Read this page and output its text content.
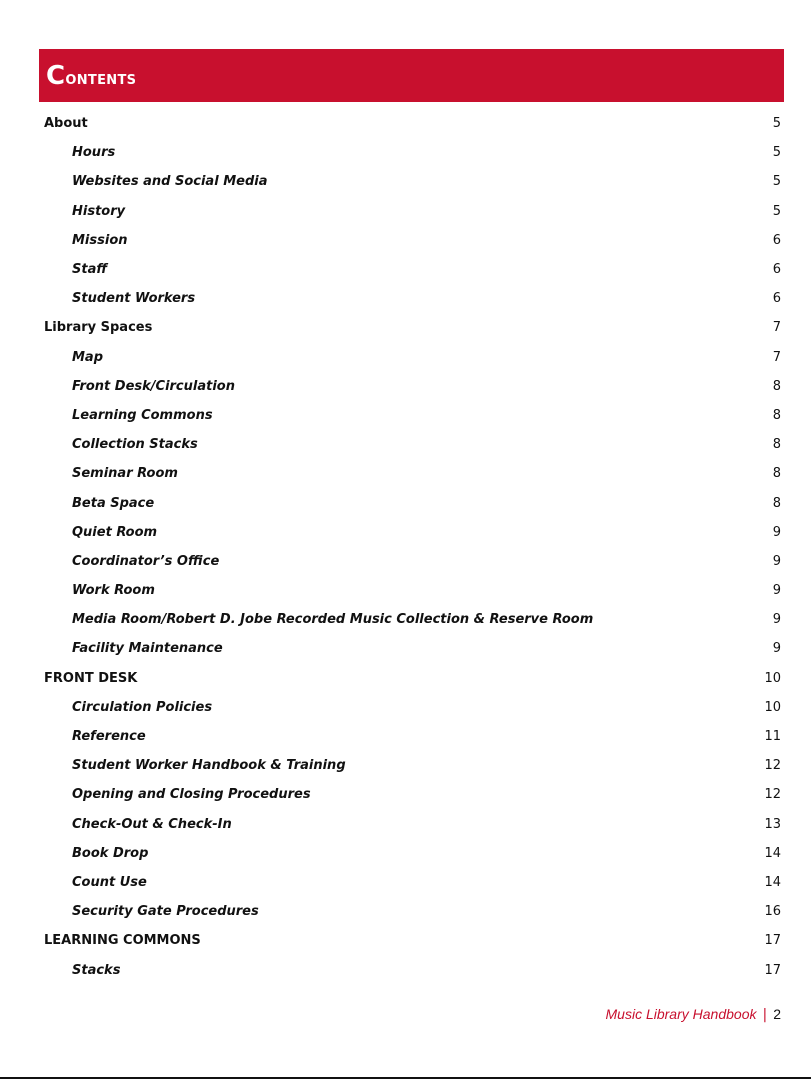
Contents
About	5
Hours	5
Websites and Social Media	5
History	5
Mission	6
Staff	6
Student Workers	6
Library Spaces	7
Map	7
Front Desk/Circulation	8
Learning Commons	8
Collection Stacks	8
Seminar Room	8
Beta Space	8
Quiet Room	9
Coordinator’s Office	9
Work Room	9
Media Room/Robert D. Jobe Recorded Music Collection & Reserve Room	9
Facility Maintenance	9
FRONT DESK	10
Circulation Policies	10
Reference	11
Student Worker Handbook & Training	12
Opening and Closing Procedures	12
Check-Out & Check-In	13
Book Drop	14
Count Use	14
Security Gate Procedures	16
LEARNING COMMONS	17
Stacks	17
Music Library Handbook | 2
